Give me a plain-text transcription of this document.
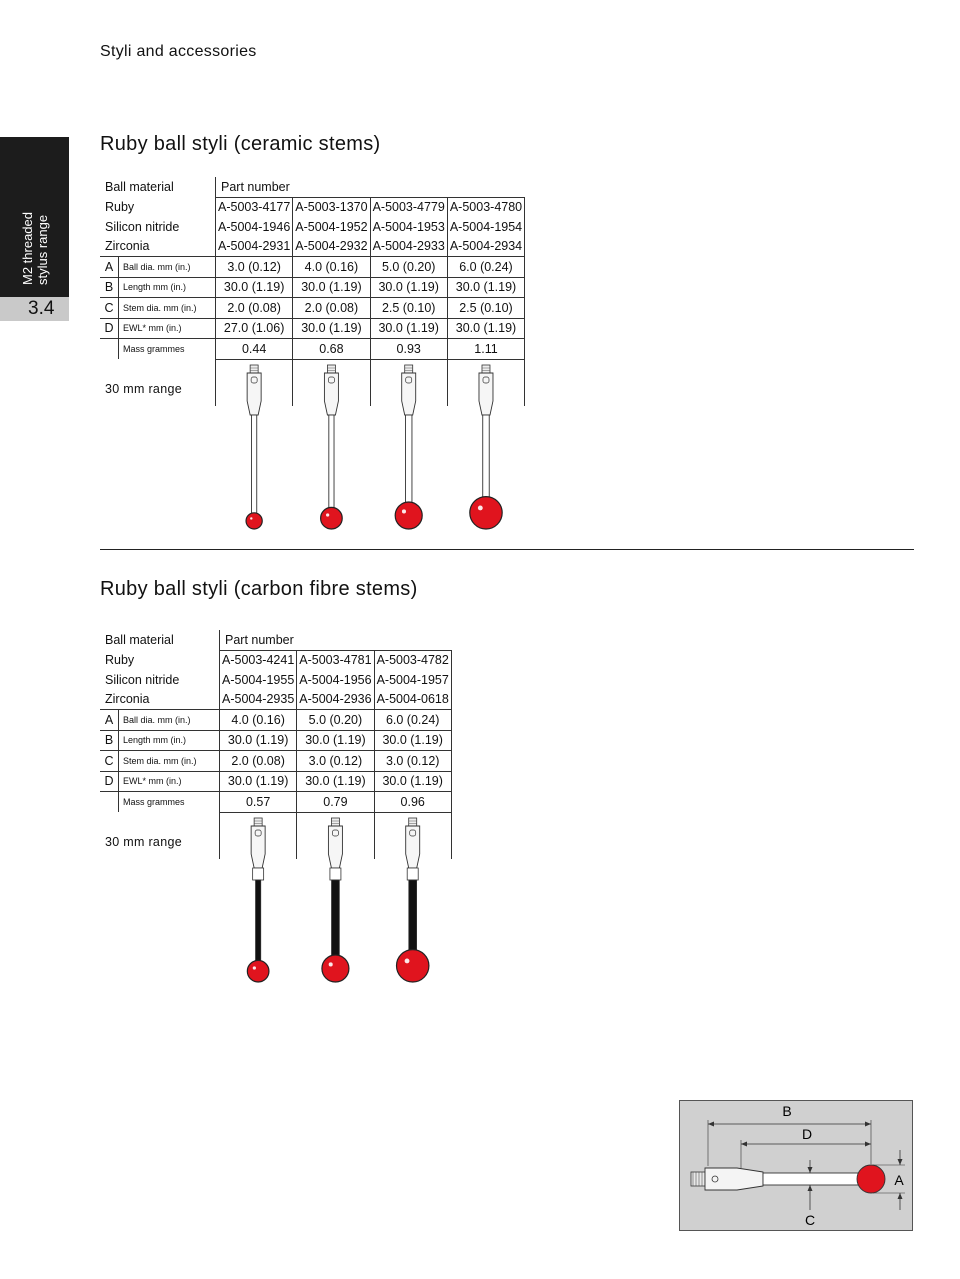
Styli and accessories
M2 threaded stylus range
3.4
Ruby ball styli (ceramic stems)
Ball material		Part number			
Ruby		A-5003-4177	A-5003-1370	A-5003-4779	A-5003-4780
Silicon nitride		A-5004-1946	A-5004-1952	A-5004-1953	A-5004-1954
Zirconia		A-5004-2931	A-5004-2932	A-5004-2933	A-5004-2934
A	Ball dia. mm (in.)	3.0 (0.12)	4.0 (0.16)	5.0 (0.20)	6.0 (0.24)
B	Length mm (in.)	30.0 (1.19)	30.0 (1.19)	30.0 (1.19)	30.0 (1.19)
C	Stem dia. mm (in.)	2.0 (0.08)	2.0 (0.08)	2.5 (0.10)	2.5 (0.10)
D	EWL* mm (in.)	27.0 (1.06)	30.0 (1.19)	30.0 (1.19)	30.0 (1.19)
	Mass grammes	0.44	0.68	0.93	1.11

30 mm range
Ruby ball styli (carbon fibre stems)
Ball material		Part number		
Ruby		A-5003-4241	A-5003-4781	A-5003-4782
Silicon nitride		A-5004-1955	A-5004-1956	A-5004-1957
Zirconia		A-5004-2935	A-5004-2936	A-5004-0618
A	Ball dia. mm (in.)	4.0 (0.16)	5.0 (0.20)	6.0 (0.24)
B	Length mm (in.)	30.0 (1.19)	30.0 (1.19)	30.0 (1.19)
C	Stem dia. mm (in.)	2.0 (0.08)	3.0 (0.12)	3.0 (0.12)
D	EWL* mm (in.)	30.0 (1.19)	30.0 (1.19)	30.0 (1.19)
	Mass grammes	0.57	0.79	0.96

30 mm range
B
D
A
C
